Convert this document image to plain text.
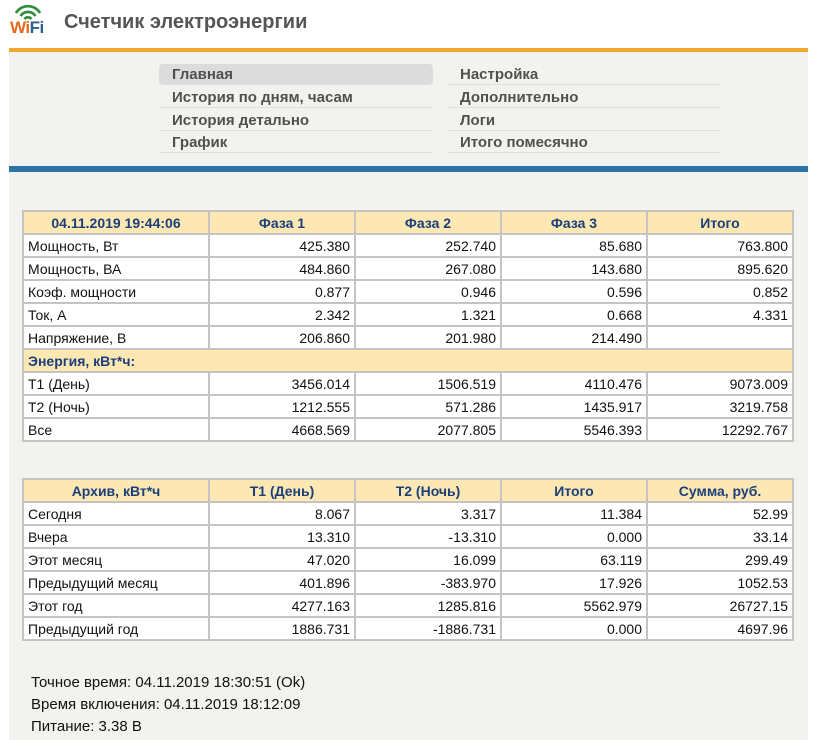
WiFi Счетчик электроэнергии
Главная
История по дням, часам
История детально
График
Настройка
Дополнительно
Логи
Итого помесячно
04.11.2019 19:44:06	Фаза 1	Фаза 2	Фаза 3	Итого
Мощность, Вт	425.380	252.740	85.680	763.800
Мощность, ВА	484.860	267.080	143.680	895.620
Коэф. мощности	0.877	0.946	0.596	0.852
Ток, А	2.342	1.321	0.668	4.331
Напряжение, В	206.860	201.980	214.490	
Энергия, кВт*ч:				
Т1 (День)	3456.014	1506.519	4110.476	9073.009
Т2 (Ночь)	1212.555	571.286	1435.917	3219.758
Все	4668.569	2077.805	5546.393	12292.767
Архив, кВт*ч	Т1 (День)	Т2 (Ночь)	Итого	Сумма, руб.
Сегодня	8.067	3.317	11.384	52.99
Вчера	13.310	-13.310	0.000	33.14
Этот месяц	47.020	16.099	63.119	299.49
Предыдущий месяц	401.896	-383.970	17.926	1052.53
Этот год	4277.163	1285.816	5562.979	26727.15
Предыдущий год	1886.731	-1886.731	0.000	4697.96
Точное время: 04.11.2019 18:30:51 (Ok)
Время включения: 04.11.2019 18:12:09
Питание: 3.38 В
